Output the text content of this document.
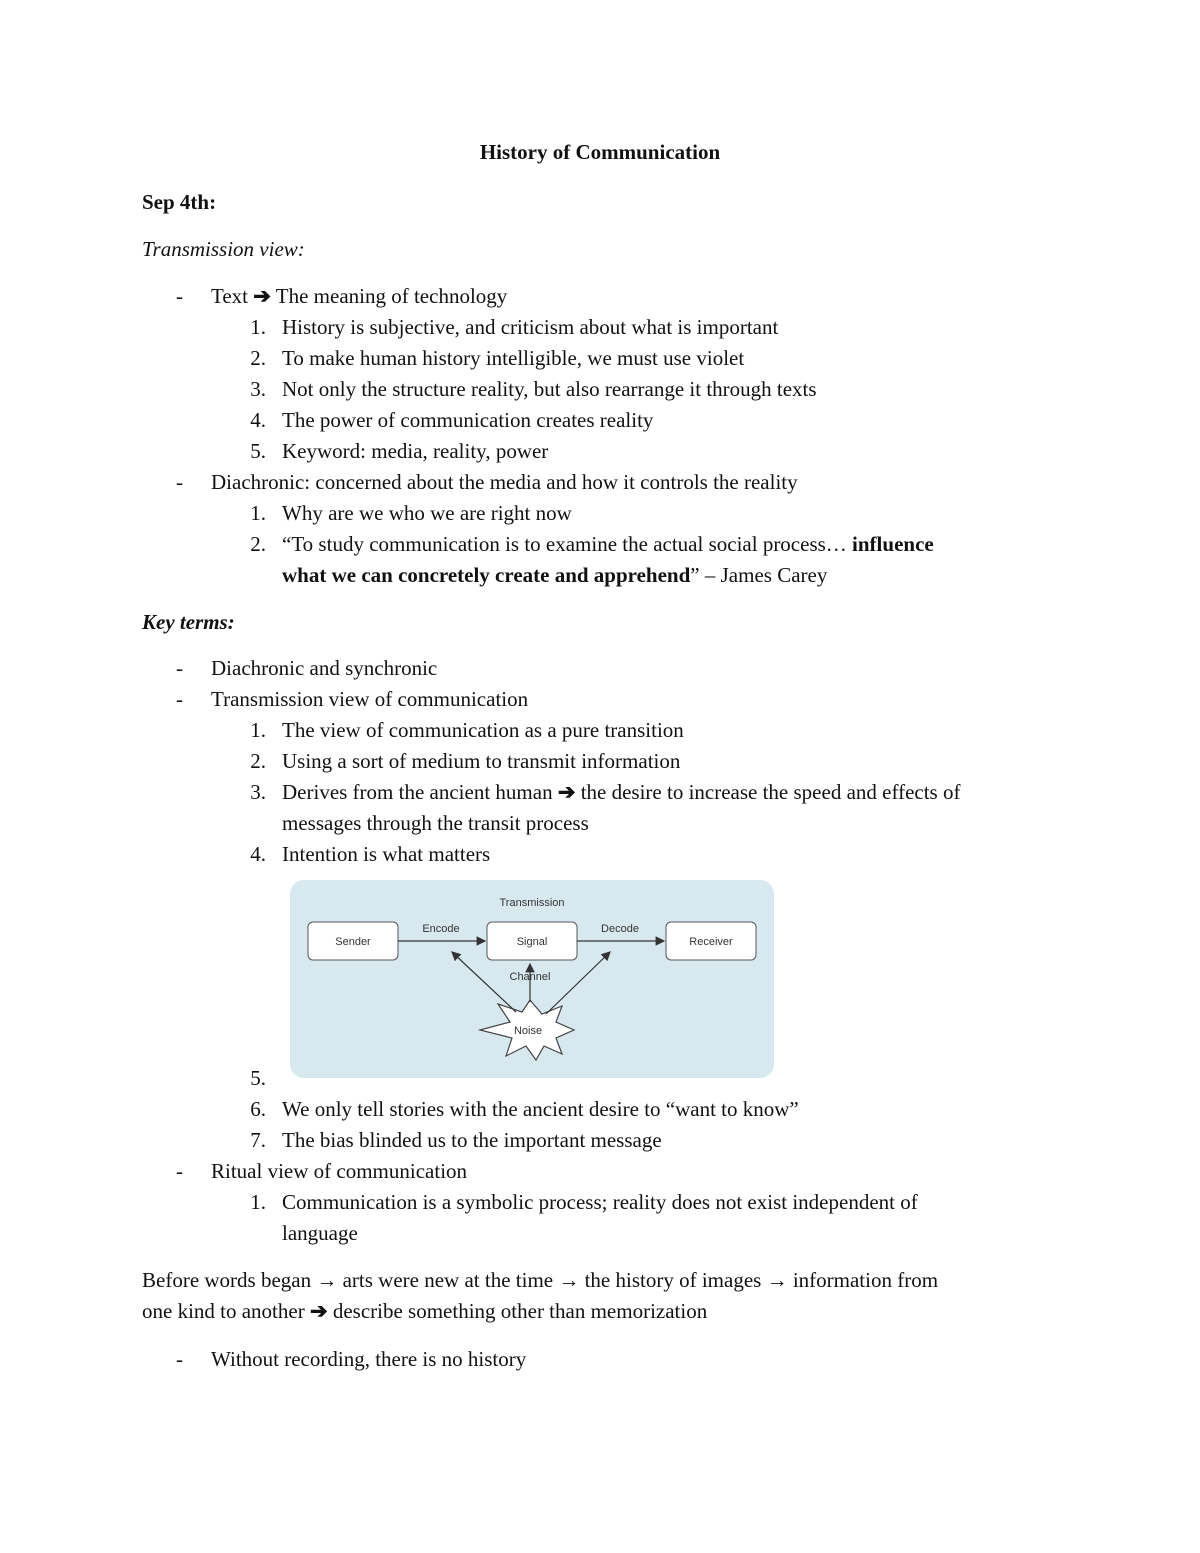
History of Communication
Sep 4th:
Transmission view:
- Text ➔ The meaning of technology
1. History is subjective, and criticism about what is important
2. To make human history intelligible, we must use violet
3. Not only the structure reality, but also rearrange it through texts
4. The power of communication creates reality
5. Keyword: media, reality, power
- Diachronic: concerned about the media and how it controls the reality
1. Why are we who we are right now
2. “To study communication is to examine the actual social process… influence
what we can concretely create and apprehend” – James Carey
Key terms:
- Diachronic and synchronic
- Transmission view of communication
1. The view of communication as a pure transition
2. Using a sort of medium to transmit information
3. Derives from the ancient human ➔ the desire to increase the speed and effects of
messages through the transit process
4. Intention is what matters
Transmission
Sender	Signal	Receiver
Encode	Decode
Noise
Channel
5.
6. We only tell stories with the ancient desire to “want to know”
7. The bias blinded us to the important message
- Ritual view of communication
1. Communication is a symbolic process; reality does not exist independent of
language
Before words began → arts were new at the time → the history of images → information from
one kind to another ➔ describe something other than memorization
- Without recording, there is no history
